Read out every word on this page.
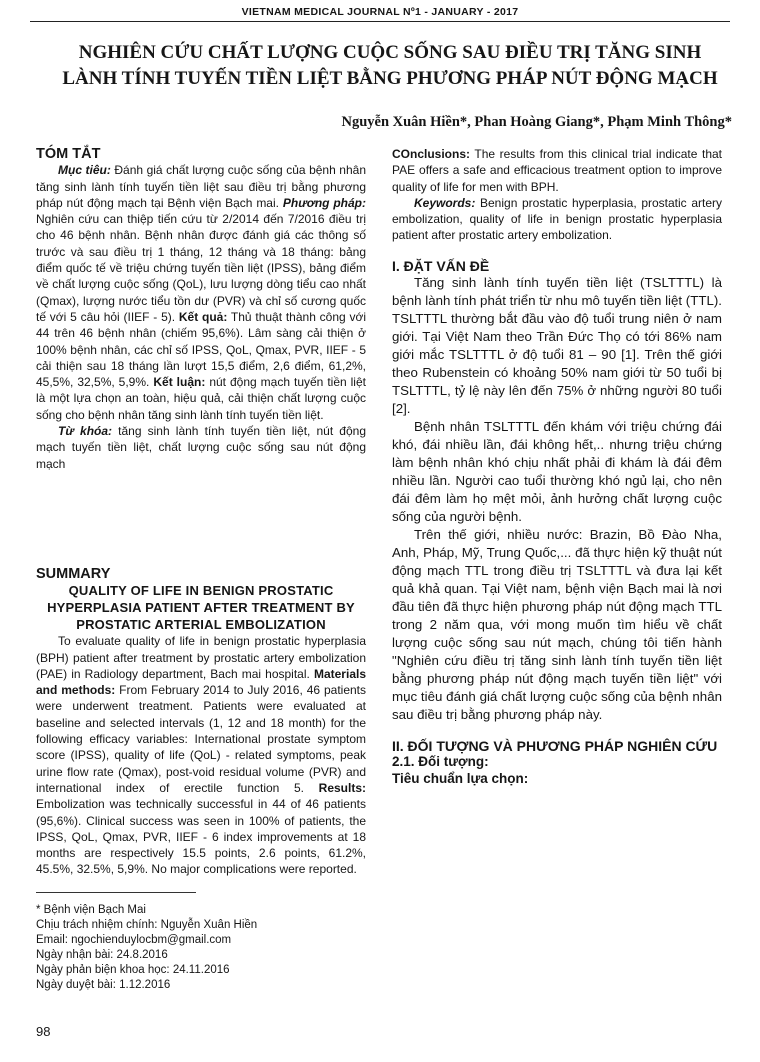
VIETNAM MEDICAL JOURNAL Nº1 - JANUARY - 2017
NGHIÊN CỨU CHẤT LƯỢNG CUỘC SỐNG SAU ĐIỀU TRỊ TĂNG SINH
LÀNH TÍNH TUYẾN TIỀN LIỆT BẰNG PHƯƠNG PHÁP NÚT ĐỘNG MẠCH

Nguyễn Xuân Hiền*, Phan Hoàng Giang*, Phạm Minh Thông*

TÓM TẮT

Mục tiêu: Đánh giá chất lượng cuộc sống của bệnh nhân tăng sinh lành tính tuyến tiền liệt sau điều trị bằng phương pháp nút động mạch tại Bệnh viện Bạch mai. Phương pháp: Nghiên cứu can thiệp tiến cứu từ 2/2014 đến 7/2016 điều trị cho 46 bệnh nhân. Bệnh nhân được đánh giá các thông số trước và sau điều trị 1 tháng, 12 tháng và 18 tháng: bảng điểm quốc tế về triệu chứng tuyến tiền liệt (IPSS), bảng điểm về chất lượng cuộc sống (QoL), lưu lượng dòng tiểu cao nhất (Qmax), lượng nước tiểu tồn dư (PVR) và chỉ số cương quốc tế với 5 câu hỏi (IIEF - 5). Kết quả: Thủ thuật thành công với 44 trên 46 bệnh nhân (chiếm 95,6%). Lâm sàng cải thiện ở 100% bệnh nhân, các chỉ số IPSS, QoL, Qmax, PVR, IIEF - 5 cải thiện sau 18 tháng lần lượt 15,5 điểm, 2,6 điểm, 61,2%, 45,5%, 32,5%, 5,9%. Kết luận: nút động mạch tuyến tiền liệt là một lựa chọn an toàn, hiệu quả, cải thiện chất lượng cuộc sống cho bệnh nhân tăng sinh lành tính tuyến tiền liệt.

Từ khóa: tăng sinh lành tính tuyến tiền liệt, nút động mạch tuyến tiền liệt, chất lượng cuộc sống sau nút động mạch

SUMMARY

QUALITY OF LIFE IN BENIGN PROSTATIC HYPERPLASIA PATIENT AFTER TREATMENT BY PROSTATIC ARTERIAL EMBOLIZATION

To evaluate quality of life in benign prostatic hyperplasia (BPH) patient after treatment by prostatic artery embolization (PAE) in Radiology department, Bach mai hospital. Materials and methods: From February 2014 to July 2016, 46 patients were underwent treatment. Patients were evaluated at baseline and selected intervals (1, 12 and 18 month) for the following efficacy variables: International prostate symptom score (IPSS), quality of life (QoL) - related symptoms, peak urine flow rate (Qmax), post-void residual volume (PVR) and international index of erectile function 5. Results: Embolization was technically successful in 44 of 46 patients (95,6%). Clinical success was seen in 100% of patients, the IPSS, QoL, Qmax, PVR, IIEF - 6 index improvements at 18 months are respectively 15.5 points, 2.6 points, 61.2%, 45.5%, 32.5%, 5,9%. No major complications were reported.

* Bệnh viện Bạch Mai

Chịu trách nhiệm chính: Nguyễn Xuân Hiền

Email: ngochienduylocbm@gmail.com

Ngày nhận bài: 24.8.2016

Ngày phản biện khoa học: 24.11.2016

Ngày duyệt bài: 1.12.2016

COnclusions: The results from this clinical trial indicate that PAE offers a safe and efficacious treatment option to improve quality of life for men with BPH.

Keywords: Benign prostatic hyperplasia, prostatic artery embolization, quality of life in benign prostatic hyperplasia patient after prostatic artery embolization.

I. ĐẶT VẤN ĐỀ

Tăng sinh lành tính tuyến tiền liệt (TSLTTTL) là bệnh lành tính phát triển từ nhu mô tuyến tiền liệt (TTL). TSLTTTL thường bắt đầu vào độ tuổi trung niên ở nam giới. Tại Việt Nam theo Trần Đức Thọ có tới 86% nam giới mắc TSLTTTL ở độ tuổi 81 – 90 [1]. Trên thế giới theo Rubenstein có khoảng 50% nam giới từ 50 tuổi bị TSLTTTL, tỷ lệ này lên đến 75% ở những người 80 tuổi [2].

Bệnh nhân TSLTTTL đến khám với triệu chứng đái khó, đái nhiều lần, đái không hết,.. nhưng triệu chứng làm bệnh nhân khó chịu nhất phải đi khám là đái đêm nhiều lần. Người cao tuổi thường khó ngủ lại, cho nên đái đêm làm họ mệt mỏi, ảnh hưởng chất lượng cuộc sống của người bệnh.

Trên thế giới, nhiều nước: Brazin, Bồ Đào Nha, Anh, Pháp, Mỹ, Trung Quốc,... đã thực hiện kỹ thuật nút động mạch TTL trong điều trị TSLTTTL và đưa lại kết quả khả quan. Tại Việt nam, bệnh viện Bạch mai là nơi đầu tiên đã thực hiện phương pháp nút động mạch TTL trong 2 năm qua, với mong muốn tìm hiểu về chất lượng cuộc sống sau nút mạch, chúng tôi tiến hành "Nghiên cứu điều trị tăng sinh lành tính tuyến tiền liệt bằng phương pháp nút động mạch tuyến tiền liệt" với mục tiêu đánh giá chất lượng cuộc sống của bệnh nhân sau điều trị bằng phương pháp này.

II. ĐỐI TƯỢNG VÀ PHƯƠNG PHÁP NGHIÊN CỨU

2.1. Đối tượng:

Tiêu chuẩn lựa chọn:

98
